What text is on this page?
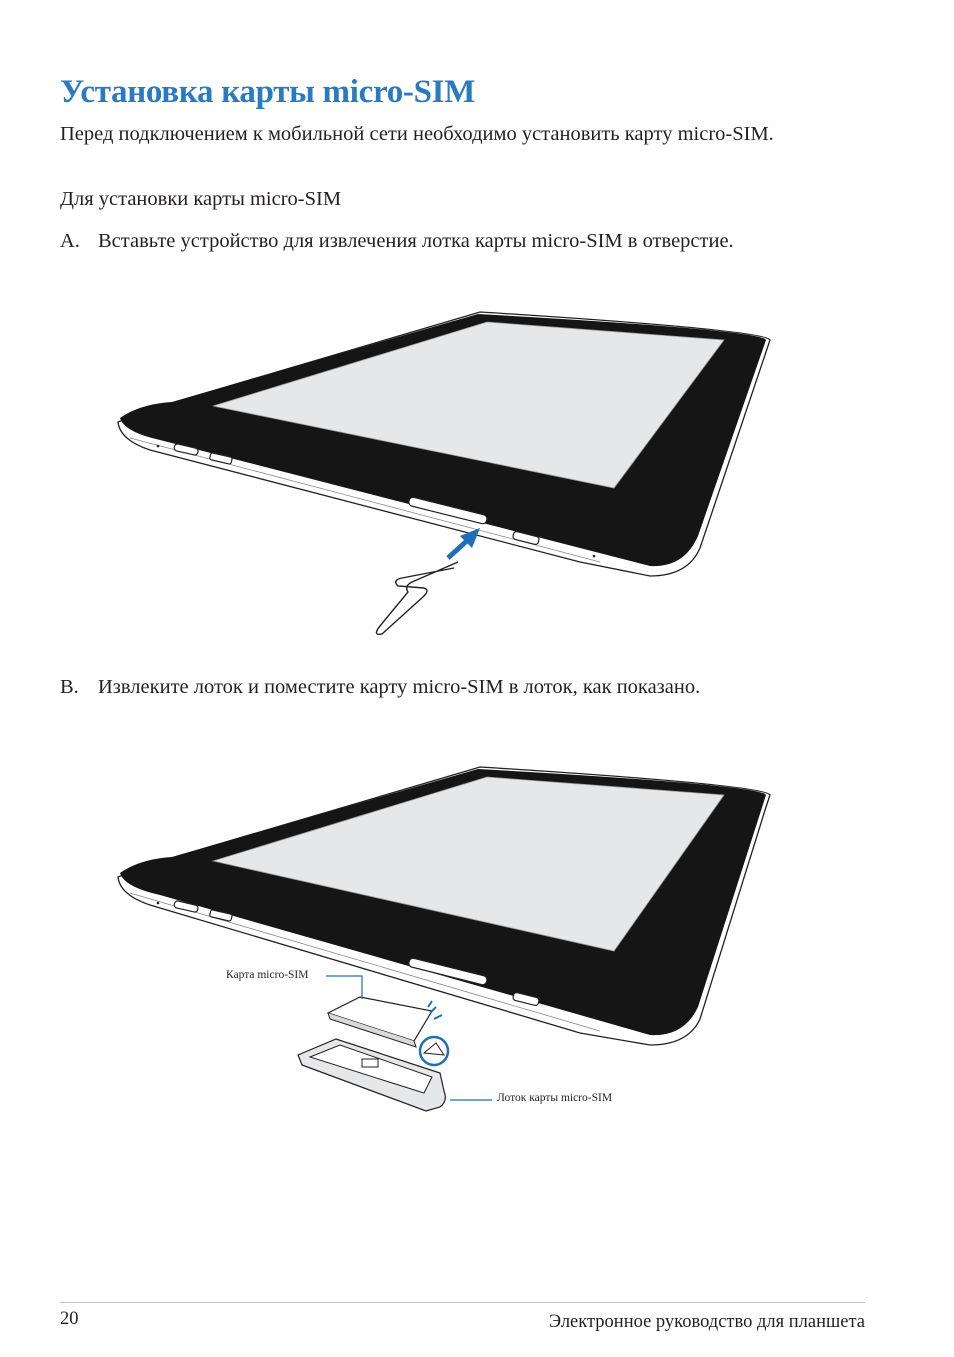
Установка карты micro-SIM

Перед подключением к мобильной сети необходимо установить карту micro-SIM.

Для установки карты micro-SIM

A. Вставьте устройство для извлечения лотка карты micro-SIM в отверстие.

B. Извлеките лоток и поместите карту micro-SIM в лоток, как показано.

Карта micro-SIM
Лоток карты micro-SIM
20	Электронное руководство для планшета
